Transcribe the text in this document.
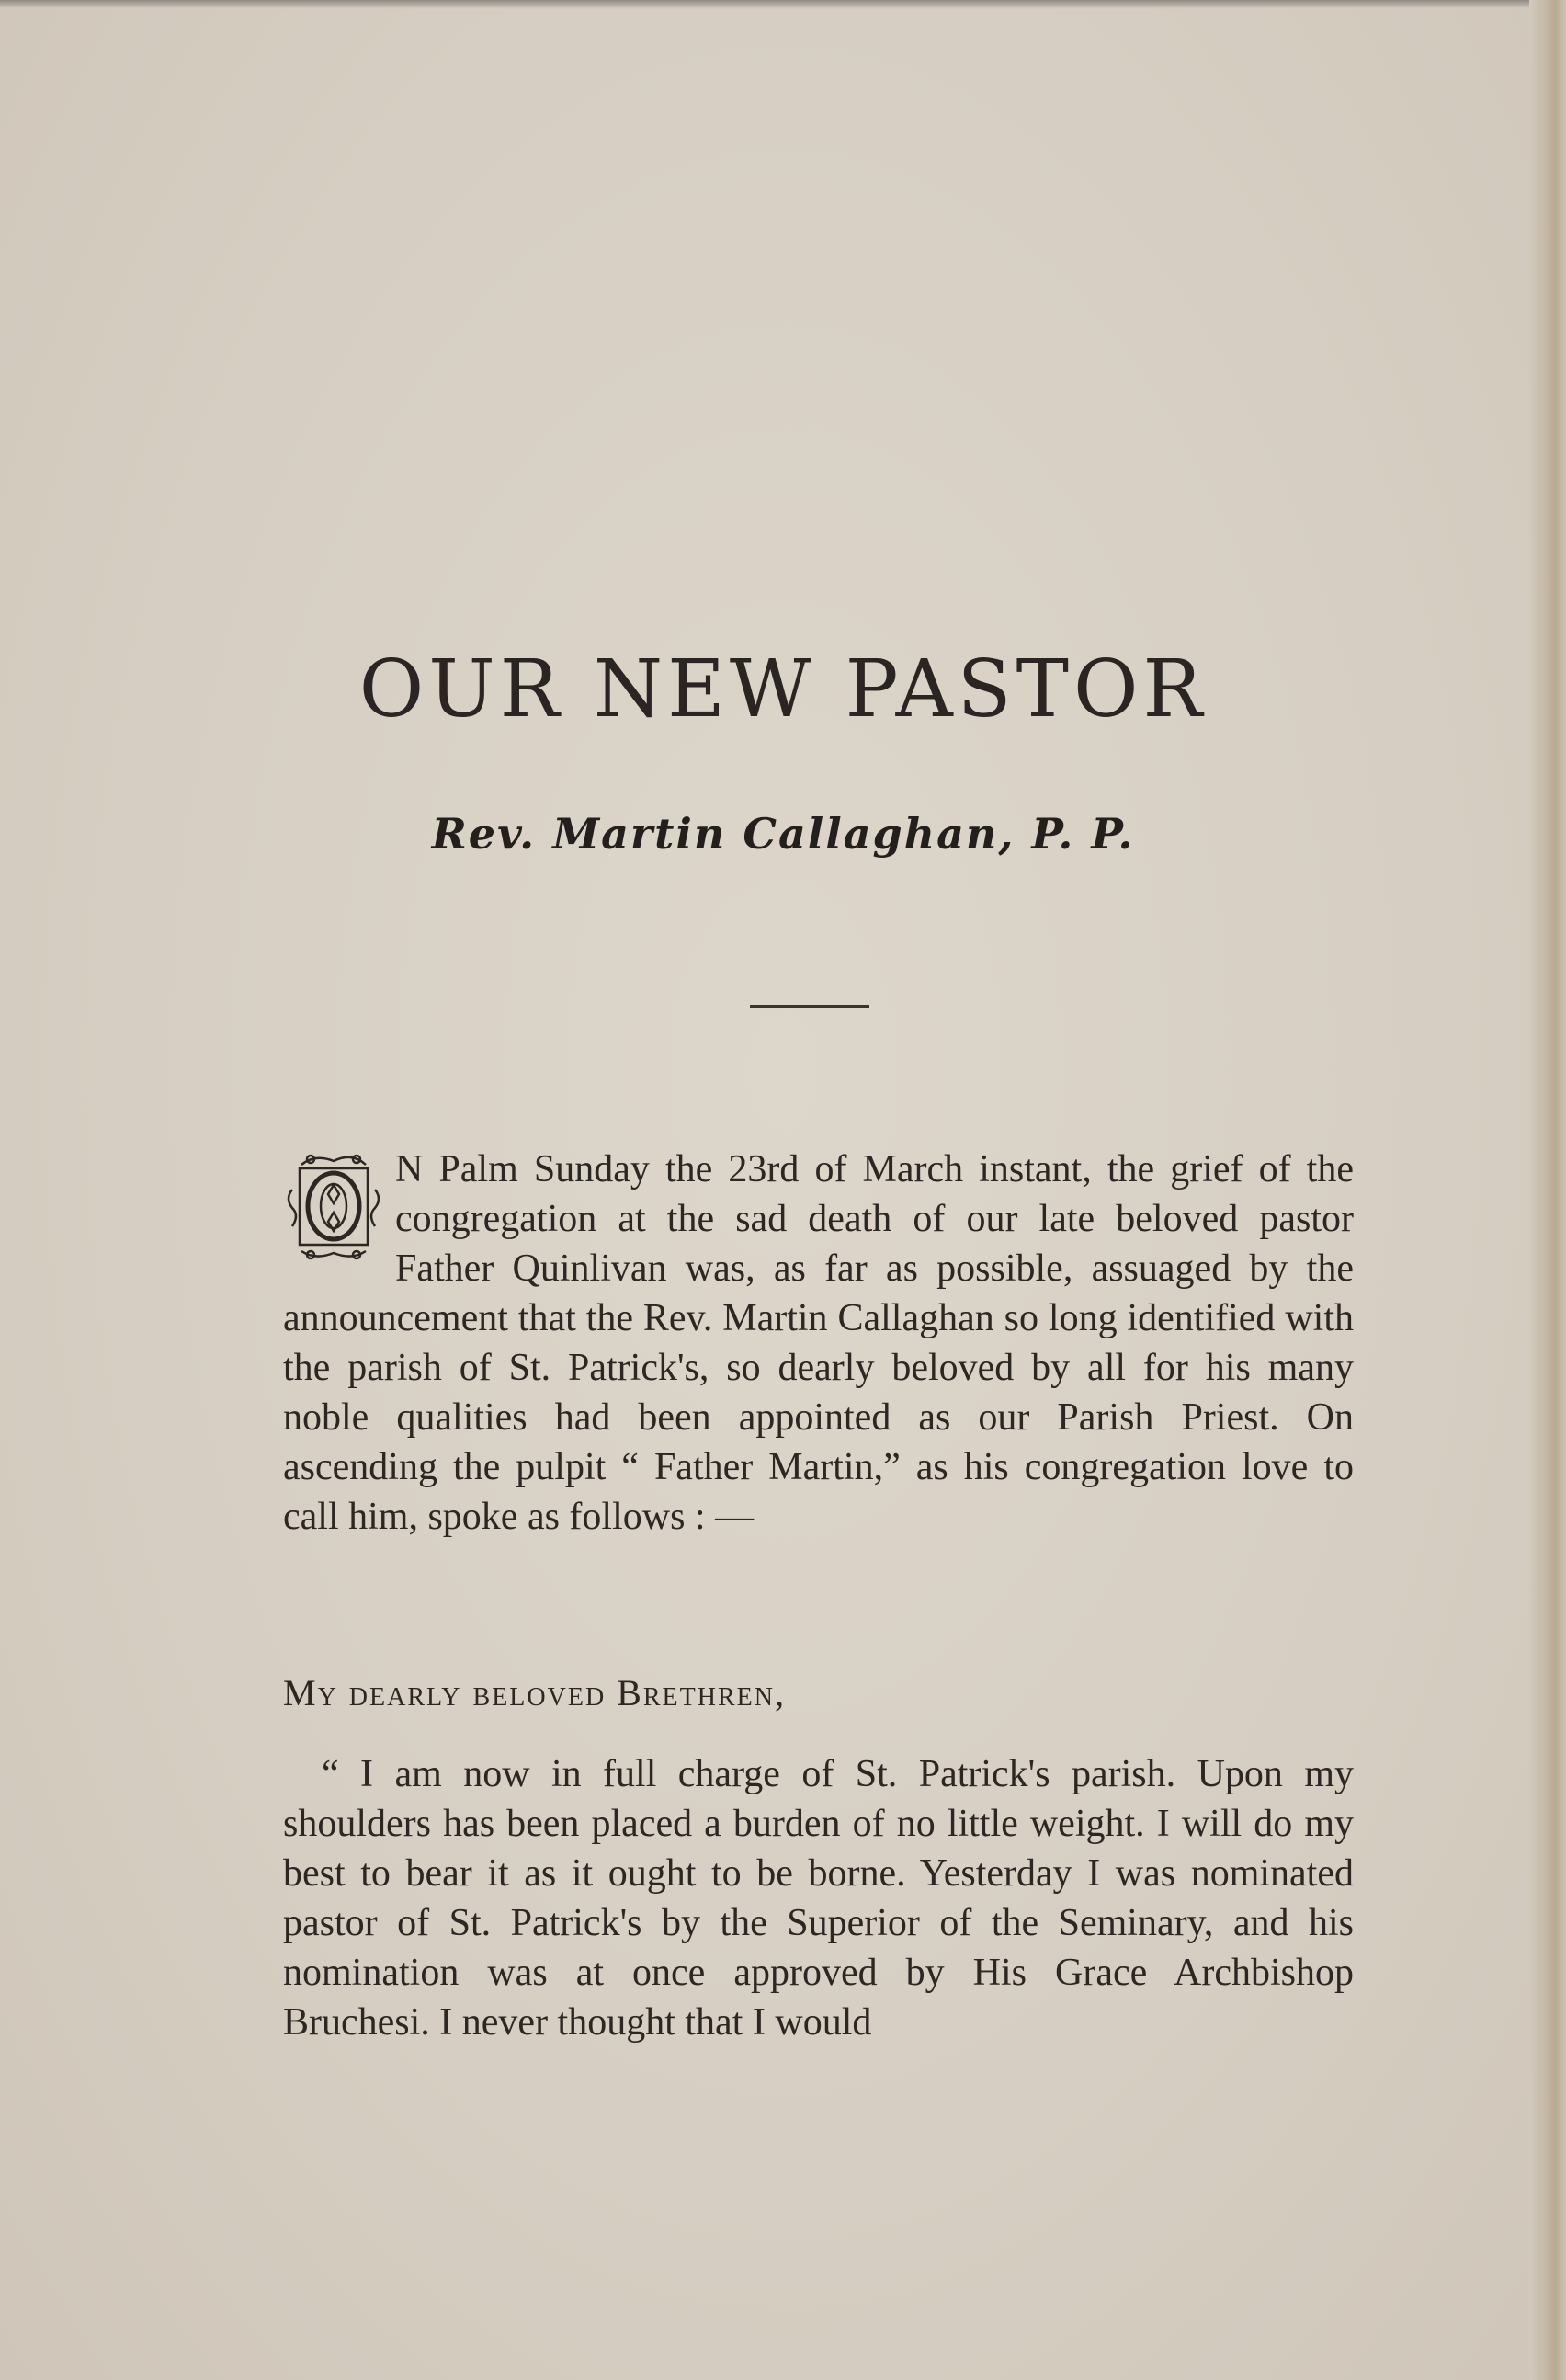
OUR NEW PASTOR
Rev. Martin Callaghan, P. P.
N Palm Sunday the 23rd of March instant, the grief of the congregation at the sad death of our late beloved pastor Father Quinlivan was, as far as possible, assuaged by the announcement that the Rev. Martin Callaghan so long identified with the parish of St. Patrick's, so dearly beloved by all for his many noble qualities had been appointed as our Parish Priest. On ascending the pulpit “ Father Martin,” as his congregation love to call him, spoke as follows : —
My dearly beloved Brethren,
“ I am now in full charge of St. Patrick's parish. Upon my shoulders has been placed a burden of no little weight. I will do my best to bear it as it ought to be borne. Yesterday I was nominated pastor of St. Patrick's by the Superior of the Seminary, and his nomination was at once approved by His Grace Archbishop Bruchesi. I never thought that I would
